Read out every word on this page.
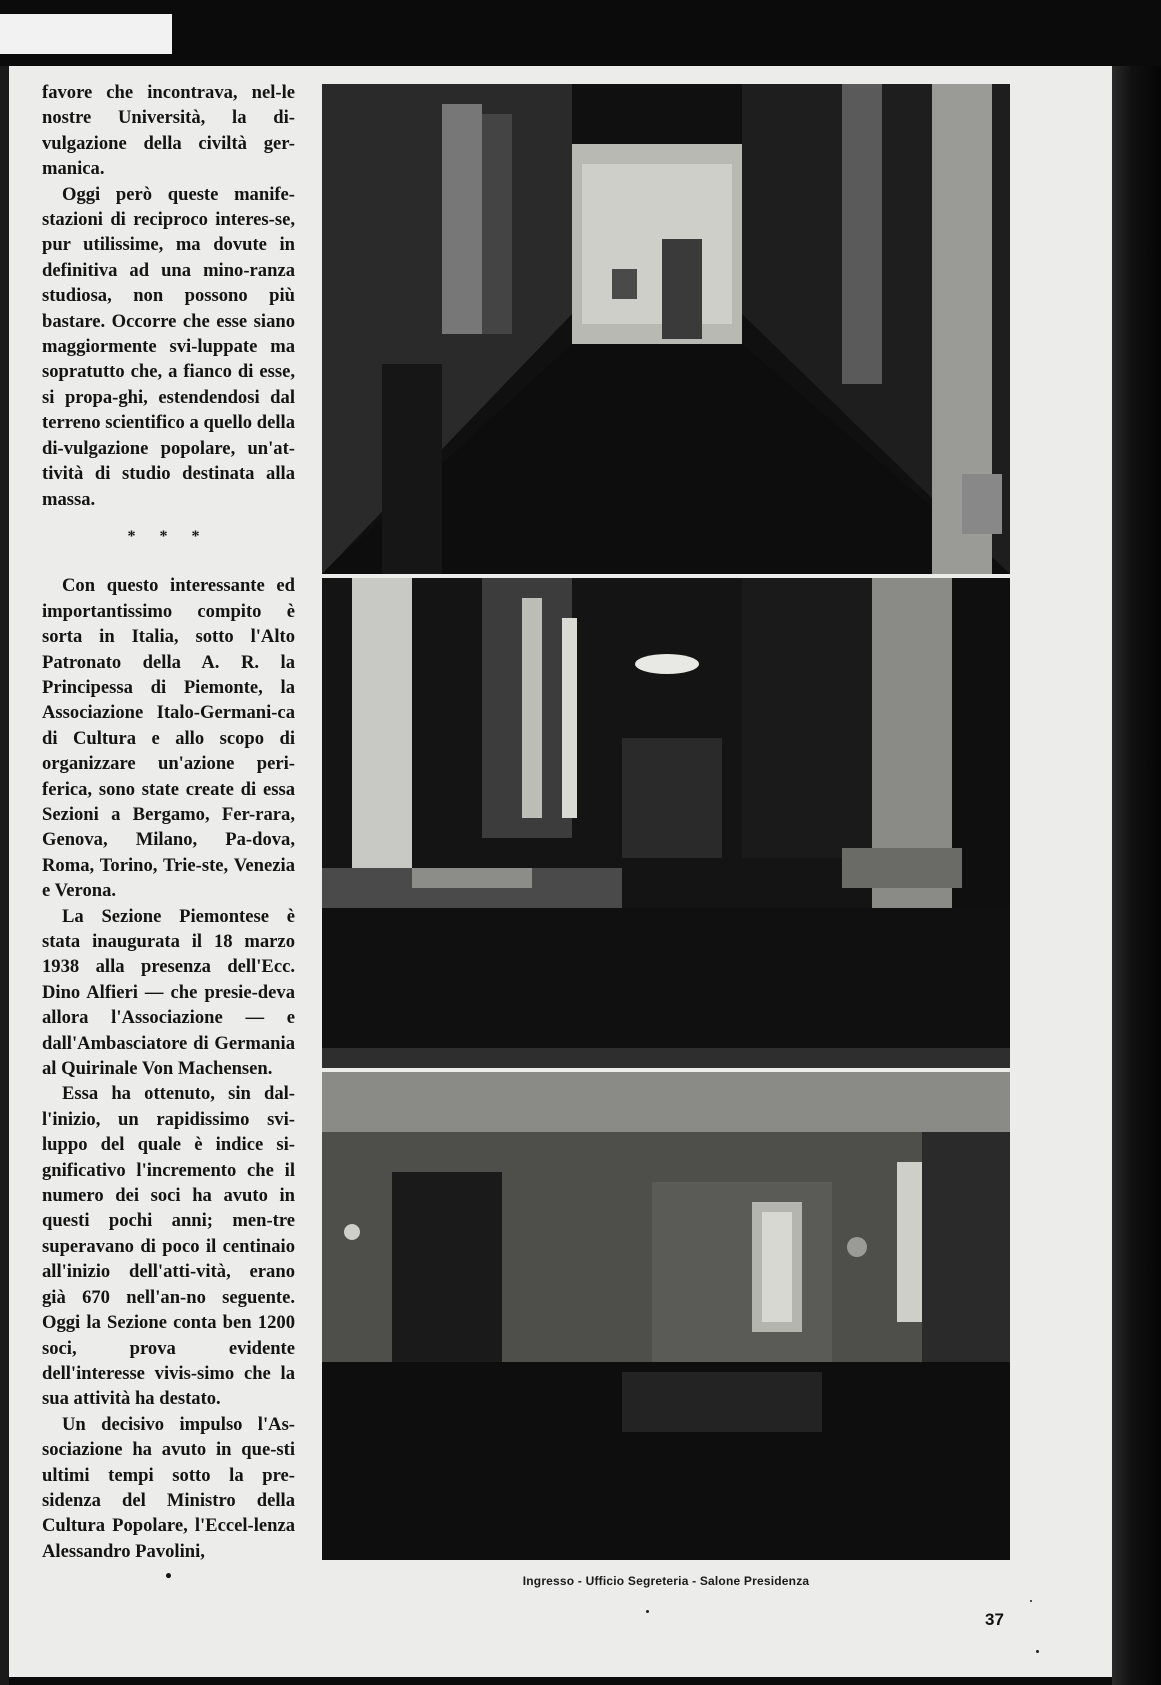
favore che incontrava, nel-le nostre Università, la di-vulgazione della civiltà ger-manica.

Oggi però queste manife-stazioni di reciproco interes-se, pur utilissime, ma dovute in definitiva ad una mino-ranza studiosa, non possono più bastare. Occorre che esse siano maggiormente svi-luppate ma sopratutto che, a fianco di esse, si propa-ghi, estendendosi dal terreno scientifico a quello della di-vulgazione popolare, un'at-tività di studio destinata alla massa.

* * *

Con questo interessante ed importantissimo compito è sorta in Italia, sotto l'Alto Patronato della A. R. la Principessa di Piemonte, la Associazione Italo-Germani-ca di Cultura e allo scopo di organizzare un'azione peri-ferica, sono state create di essa Sezioni a Bergamo, Fer-rara, Genova, Milano, Pa-dova, Roma, Torino, Trie-ste, Venezia e Verona.

La Sezione Piemontese è stata inaugurata il 18 marzo 1938 alla presenza dell'Ecc. Dino Alfieri — che presie-deva allora l'Associazione — e dall'Ambasciatore di Germania al Quirinale Von Machensen.

Essa ha ottenuto, sin dal-l'inizio, un rapidissimo svi-luppo del quale è indice si-gnificativo l'incremento che il numero dei soci ha avuto in questi pochi anni; men-tre superavano di poco il centinaio all'inizio dell'atti-vità, erano già 670 nell'an-no seguente. Oggi la Sezione conta ben 1200 soci, prova evidente dell'interesse vivis-simo che la sua attività ha destato.

Un decisivo impulso l'As-sociazione ha avuto in que-sti ultimi tempi sotto la pre-sidenza del Ministro della Cultura Popolare, l'Eccel-lenza Alessandro Pavolini,

•	Ingresso - Ufficio Segreteria - Salone Presidenza
37
